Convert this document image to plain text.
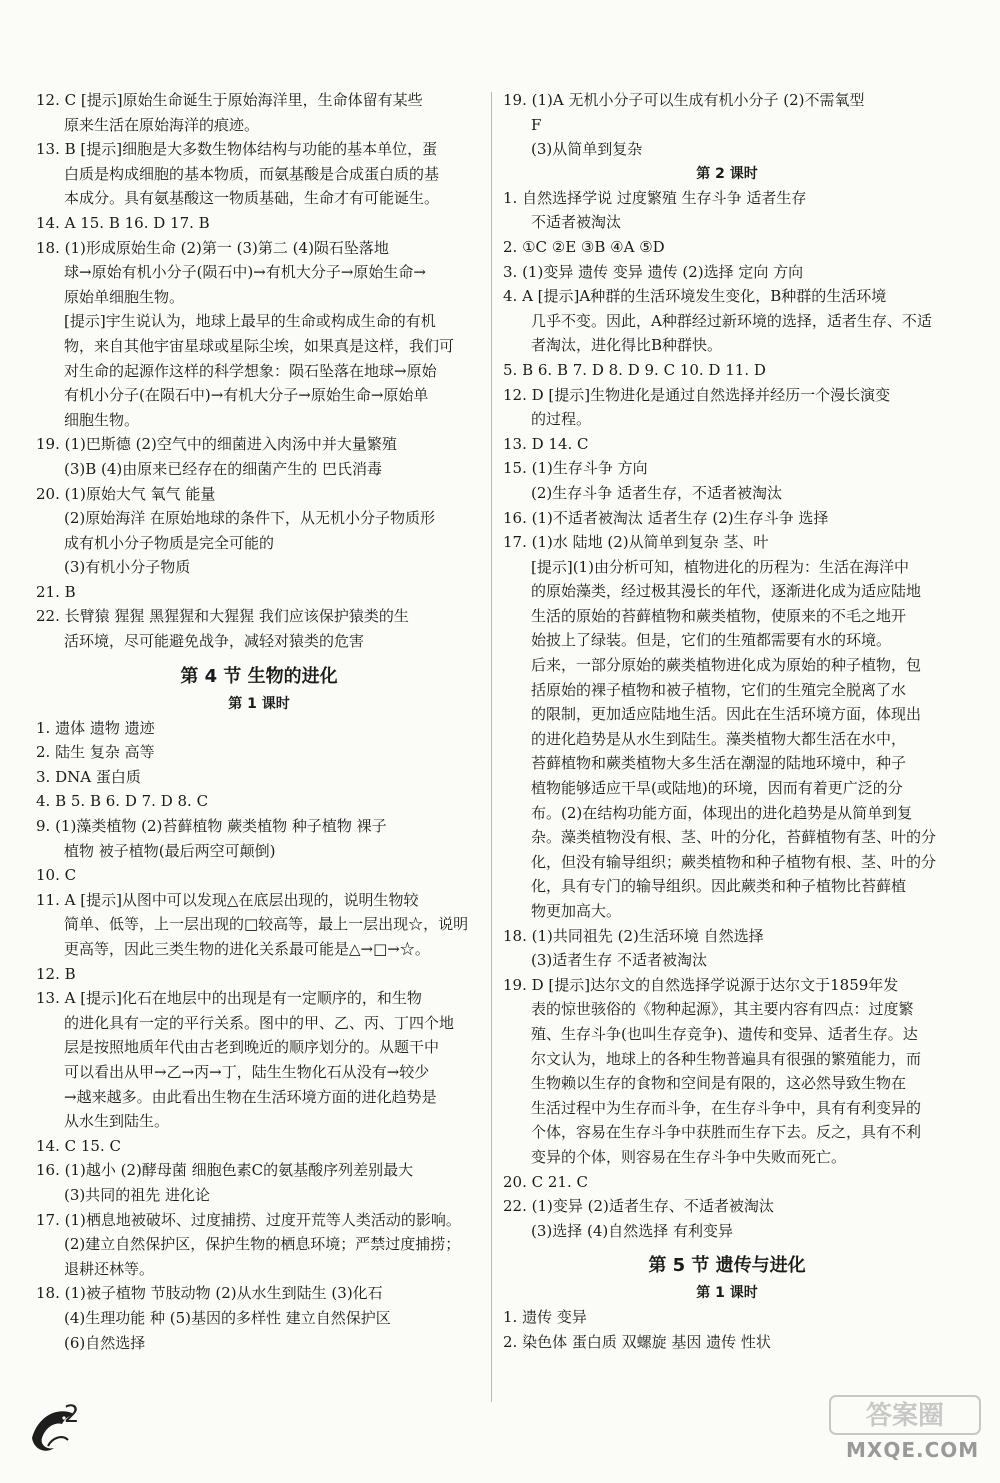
12. C [提示]原始生命诞生于原始海洋里，生命体留有某些
原来生活在原始海洋的痕迹。
13. B [提示]细胞是大多数生物体结构与功能的基本单位，蛋
白质是构成细胞的基本物质，而氨基酸是合成蛋白质的基
本成分。具有氨基酸这一物质基础，生命才有可能诞生。
14. A 15. B 16. D 17. B
18. (1)形成原始生命 (2)第一 (3)第二 (4)陨石坠落地
球→原始有机小分子(陨石中)→有机大分子→原始生命→
原始单细胞生物。
[提示]宇生说认为，地球上最早的生命或构成生命的有机
物，来自其他宇宙星球或星际尘埃，如果真是这样，我们可
对生命的起源作这样的科学想象：陨石坠落在地球→原始
有机小分子(在陨石中)→有机大分子→原始生命→原始单
细胞生物。
19. (1)巴斯德 (2)空气中的细菌进入肉汤中并大量繁殖
(3)B (4)由原来已经存在的细菌产生的 巴氏消毒
20. (1)原始大气 氧气 能量
(2)原始海洋 在原始地球的条件下，从无机小分子物质形
成有机小分子物质是完全可能的
(3)有机小分子物质
21. B
22. 长臂猿 猩猩 黑猩猩和大猩猩 我们应该保护猿类的生
活环境，尽可能避免战争，减轻对猿类的危害
第 4 节 生物的进化
第 1 课时
1. 遗体 遗物 遗迹
2. 陆生 复杂 高等
3. DNA 蛋白质
4. B 5. B 6. D 7. D 8. C
9. (1)藻类植物 (2)苔藓植物 蕨类植物 种子植物 裸子
植物 被子植物(最后两空可颠倒)
10. C
11. A [提示]从图中可以发现△在底层出现的，说明生物较
简单、低等，上一层出现的□较高等，最上一层出现☆，说明
更高等，因此三类生物的进化关系最可能是△→□→☆。
12. B
13. A [提示]化石在地层中的出现是有一定顺序的，和生物
的进化具有一定的平行关系。图中的甲、乙、丙、丁四个地
层是按照地质年代由古老到晚近的顺序划分的。从题干中
可以看出从甲→乙→丙→丁，陆生生物化石从没有→较少
→越来越多。由此看出生物在生活环境方面的进化趋势是
从水生到陆生。
14. C 15. C
16. (1)越小 (2)酵母菌 细胞色素C的氨基酸序列差别最大
(3)共同的祖先 进化论
17. (1)栖息地被破坏、过度捕捞、过度开荒等人类活动的影响。
(2)建立自然保护区，保护生物的栖息环境；严禁过度捕捞；
退耕还林等。
18. (1)被子植物 节肢动物 (2)从水生到陆生 (3)化石
(4)生理功能 种 (5)基因的多样性 建立自然保护区
(6)自然选择
19. (1)A 无机小分子可以生成有机小分子 (2)不需氧型
F
(3)从简单到复杂
第 2 课时
1. 自然选择学说 过度繁殖 生存斗争 适者生存
不适者被淘汰
2. ①C ②E ③B ④A ⑤D
3. (1)变异 遗传 变异 遗传 (2)选择 定向 方向
4. A [提示]A种群的生活环境发生变化，B种群的生活环境
几乎不变。因此，A种群经过新环境的选择，适者生存、不适
者淘汰，进化得比B种群快。
5. B 6. B 7. D 8. D 9. C 10. D 11. D
12. D [提示]生物进化是通过自然选择并经历一个漫长演变
的过程。
13. D 14. C
15. (1)生存斗争 方向
(2)生存斗争 适者生存，不适者被淘汰
16. (1)不适者被淘汰 适者生存 (2)生存斗争 选择
17. (1)水 陆地 (2)从简单到复杂 茎、叶
[提示](1)由分析可知，植物进化的历程为：生活在海洋中
的原始藻类，经过极其漫长的年代，逐渐进化成为适应陆地
生活的原始的苔藓植物和蕨类植物，使原来的不毛之地开
始披上了绿装。但是，它们的生殖都需要有水的环境。
后来，一部分原始的蕨类植物进化成为原始的种子植物，包
括原始的裸子植物和被子植物，它们的生殖完全脱离了水
的限制，更加适应陆地生活。因此在生活环境方面，体现出
的进化趋势是从水生到陆生。藻类植物大都生活在水中，
苔藓植物和蕨类植物大多生活在潮湿的陆地环境中，种子
植物能够适应干旱(或陆地)的环境，因而有着更广泛的分
布。(2)在结构功能方面，体现出的进化趋势是从简单到复
杂。藻类植物没有根、茎、叶的分化，苔藓植物有茎、叶的分
化，但没有输导组织；蕨类植物和种子植物有根、茎、叶的分
化，具有专门的输导组织。因此蕨类和种子植物比苔藓植
物更加高大。
18. (1)共同祖先 (2)生活环境 自然选择
(3)适者生存 不适者被淘汰
19. D [提示]达尔文的自然选择学说源于达尔文于1859年发
表的惊世骇俗的《物种起源》，其主要内容有四点：过度繁
殖、生存斗争(也叫生存竞争)、遗传和变异、适者生存。达
尔文认为，地球上的各种生物普遍具有很强的繁殖能力，而
生物赖以生存的食物和空间是有限的，这必然导致生物在
生活过程中为生存而斗争，在生存斗争中，具有有利变异的
个体，容易在生存斗争中获胜而生存下去。反之，具有不利
变异的个体，则容易在生存斗争中失败而死亡。
20. C 21. C
22. (1)变异 (2)适者生存、不适者被淘汰
(3)选择 (4)自然选择 有利变异
第 5 节 遗传与进化
第 1 课时
1. 遗传 变异
2. 染色体 蛋白质 双螺旋 基因 遗传 性状
2	答案圈
MXQE.COM
